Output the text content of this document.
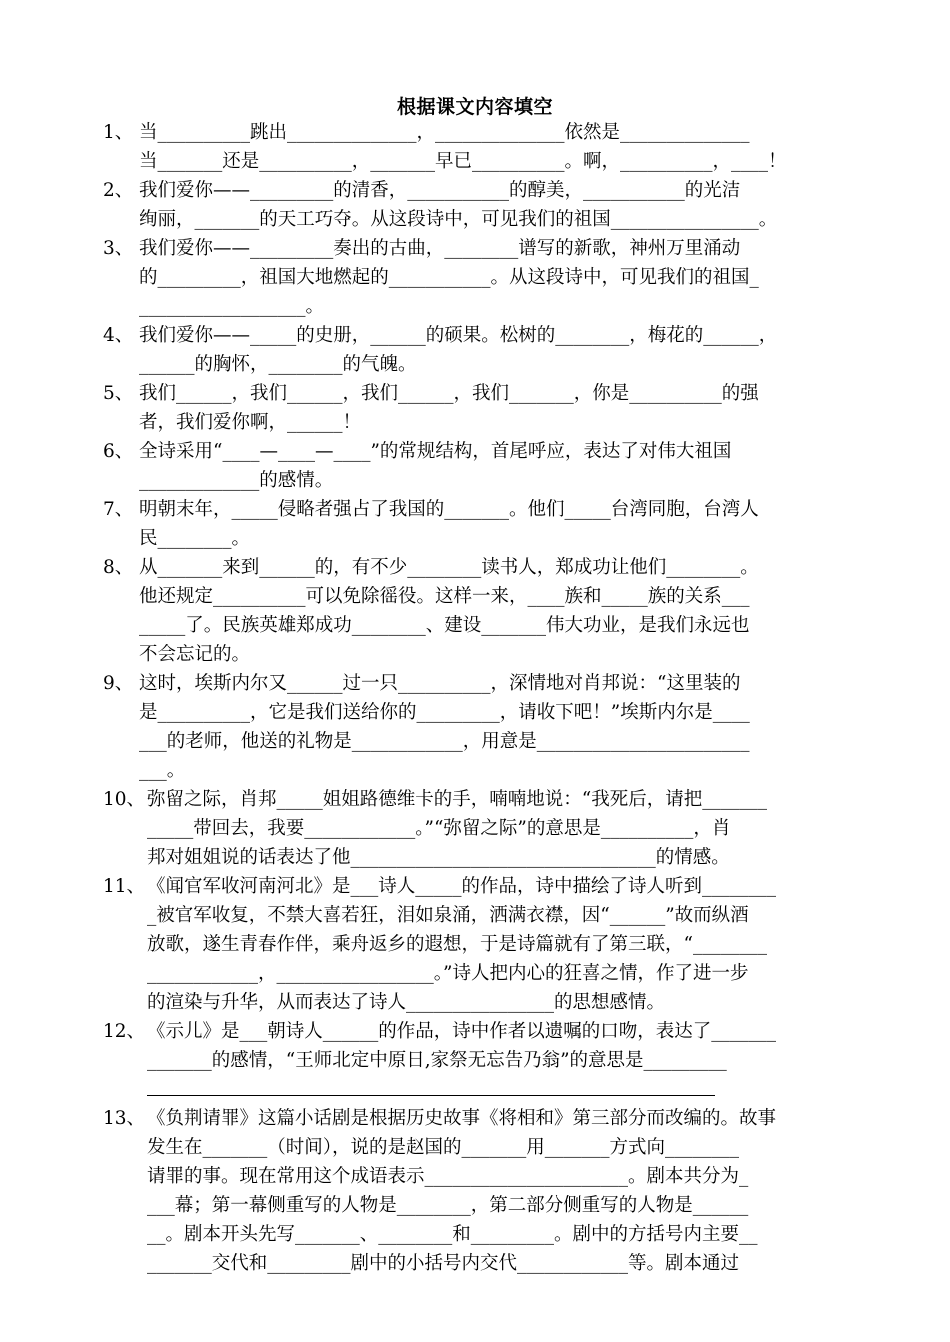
根据课文内容填空
1、 当__________跳出______________，______________依然是______________
当_______还是__________，_______早已__________。啊，__________，____！
2、 我们爱你——_________的清香，___________的醇美，___________的光洁
绚丽，_______的天工巧夺。从这段诗中，可见我们的祖国________________。
3、 我们爱你——_________奏出的古曲，________谱写的新歌，神州万里涌动
的_________，祖国大地燃起的___________。从这段诗中，可见我们的祖国_
__________________。
4、 我们爱你——_____的史册，______的硕果。松树的________，梅花的______，
______的胸怀，________的气魄。
5、 我们______，我们______，我们______，我们_______，你是__________的强
者，我们爱你啊，______！
6、 全诗采用“____—____—____”的常规结构，首尾呼应，表达了对伟大祖国
_____________的感情。
7、 明朝末年，_____侵略者强占了我国的_______。他们_____台湾同胞，台湾人
民________。
8、 从_______来到______的，有不少________读书人，郑成功让他们________。
他还规定__________可以免除徭役。这样一来，____族和_____族的关系___
_____了。民族英雄郑成功________、建设_______伟大功业，是我们永远也
不会忘记的。
9、 这时，埃斯内尔又______过一只__________，深情地对肖邦说：“这里装的
是__________，它是我们送给你的_________，请收下吧！”埃斯内尔是____
___的老师，他送的礼物是____________，用意是_______________________
___。
10、 弥留之际，肖邦_____姐姐路德维卡的手，喃喃地说：“我死后，请把_______
_____带回去，我要____________。”“弥留之际”的意思是__________，肖
邦对姐姐说的话表达了他_________________________________的情感。
11、 《闻官军收河南河北》是___诗人_____的作品，诗中描绘了诗人听到________
_被官军收复，不禁大喜若狂，泪如泉涌，洒满衣襟，因“______”故而纵酒
放歌，遂生青春作伴，乘舟返乡的遐想，于是诗篇就有了第三联，“________
____________，_________________。”诗人把内心的狂喜之情，作了进一步
的渲染与升华，从而表达了诗人________________的思想感情。
12、 《示儿》是___朝诗人______的作品，诗中作者以遗嘱的口吻，表达了_______
_______的感情，“王师北定中原日,家祭无忘告乃翁”的意思是_________
13、 《负荆请罪》这篇小话剧是根据历史故事《将相和》第三部分而改编的。故事
发生在_______（时间），说的是赵国的_______用_______方式向________
请罪的事。现在常用这个成语表示______________________。剧本共分为_
___幕；第一幕侧重写的人物是________，第二部分侧重写的人物是______
__。剧本开头先写_______、________和_________。剧中的方括号内主要__
_______交代和_________剧中的小括号内交代____________等。剧本通过
